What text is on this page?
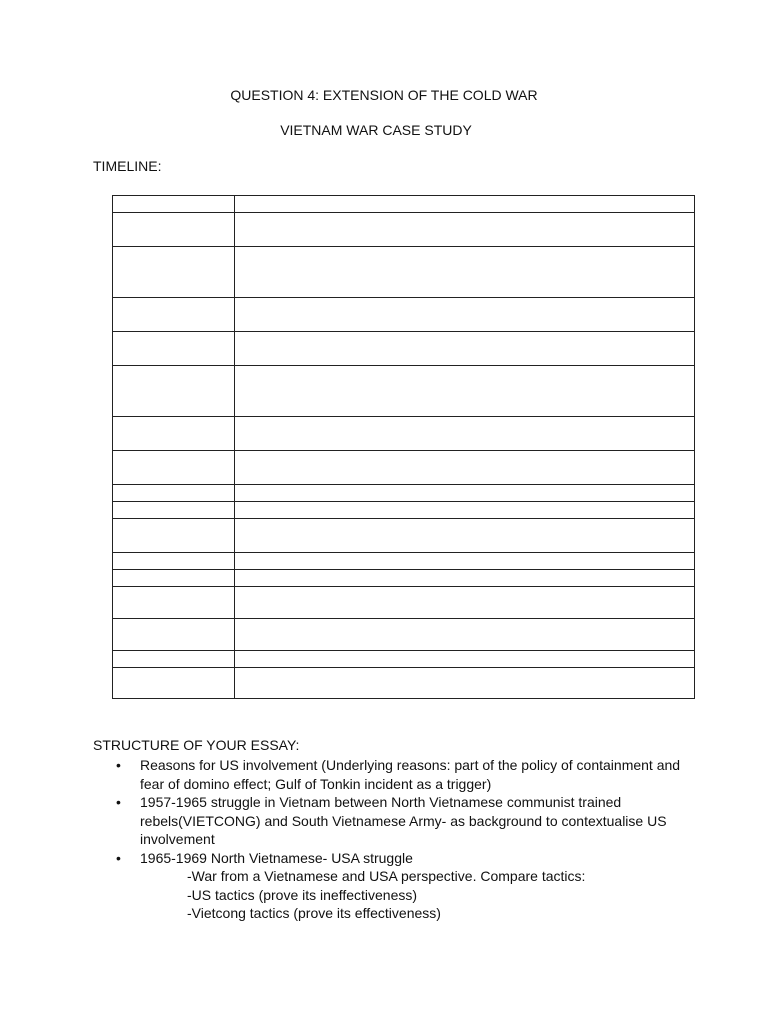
QUESTION 4: EXTENSION OF THE COLD WAR
VIETNAM WAR CASE STUDY
TIMELINE:

STRUCTURE OF YOUR ESSAY:
• Reasons for US involvement (Underlying reasons: part of the policy of containment and fear of domino effect; Gulf of Tonkin incident as a trigger)
• 1957-1965 struggle in Vietnam between North Vietnamese communist trained rebels(VIETCONG) and South Vietnamese Army- as background to contextualise US involvement
• 1965-1969 North Vietnamese- USA struggle
-War from a Vietnamese and USA perspective. Compare tactics:
-US tactics (prove its ineffectiveness)
-Vietcong tactics (prove its effectiveness)
